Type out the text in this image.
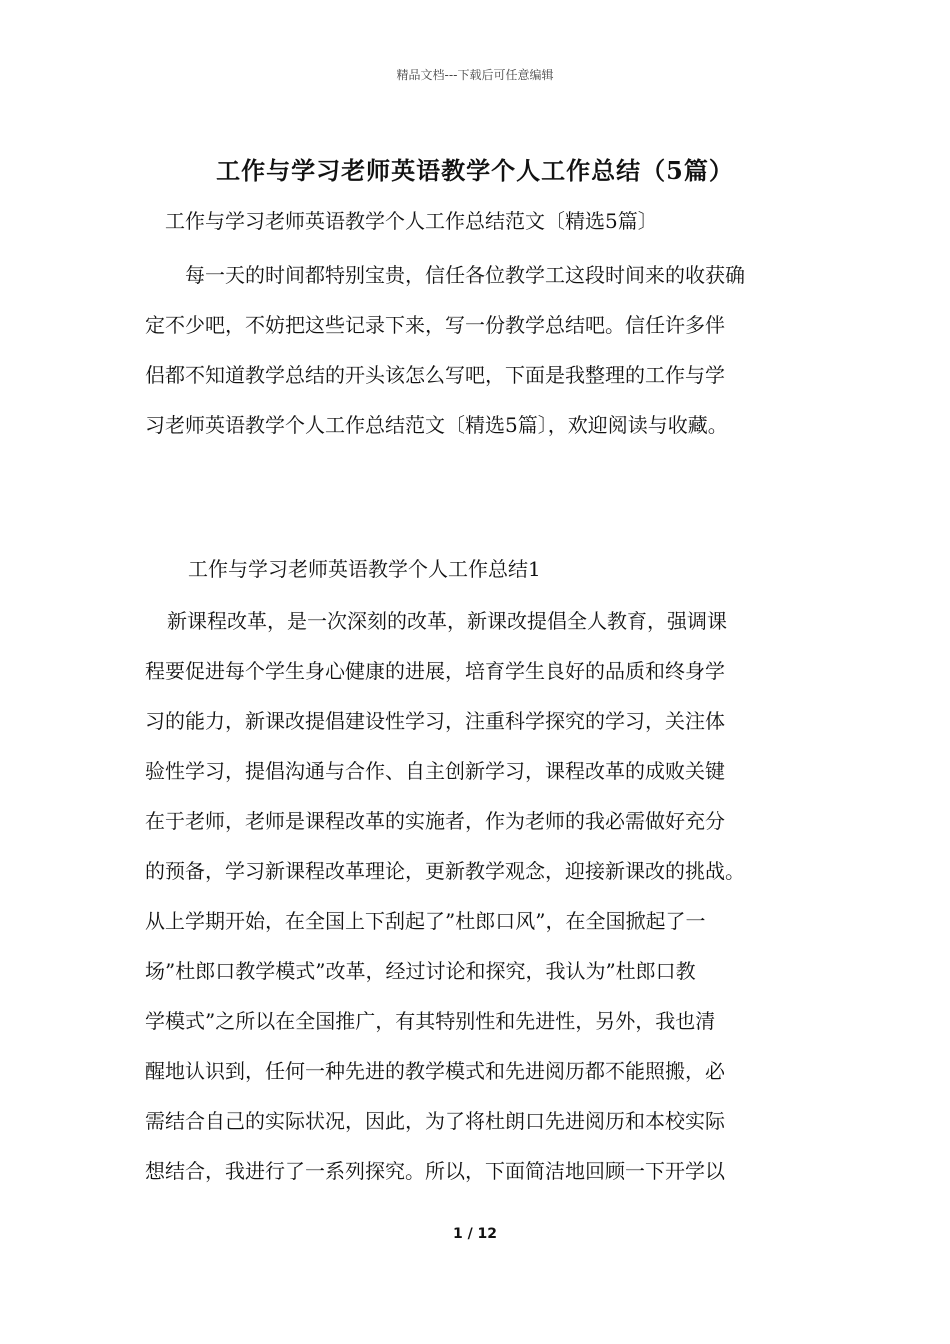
精品文档---下载后可任意编辑
工作与学习老师英语教学个人工作总结（5篇）
工作与学习老师英语教学个人工作总结范文〔精选5篇〕
　每一天的时间都特别宝贵，信任各位教学工这段时间来的收获确
定不少吧，不妨把这些记录下来，写一份教学总结吧。信任许多伴
侣都不知道教学总结的开头该怎么写吧，下面是我整理的工作与学
习老师英语教学个人工作总结范文〔精选5篇〕，欢迎阅读与收藏。
工作与学习老师英语教学个人工作总结1
新课程改革，是一次深刻的改革，新课改提倡全人教育，强调课
程要促进每个学生身心健康的进展，培育学生良好的品质和终身学
习的能力，新课改提倡建设性学习，注重科学探究的学习，关注体
验性学习，提倡沟通与合作、自主创新学习，课程改革的成败关键
在于老师，老师是课程改革的实施者，作为老师的我必需做好充分
的预备，学习新课程改革理论，更新教学观念，迎接新课改的挑战。
从上学期开始，在全国上下刮起了”杜郎口风”，在全国掀起了一
场”杜郎口教学模式”改革，经过讨论和探究，我认为”杜郎口教
学模式”之所以在全国推广，有其特别性和先进性，另外，我也清
醒地认识到，任何一种先进的教学模式和先进阅历都不能照搬，必
需结合自己的实际状况，因此，为了将杜朗口先进阅历和本校实际
想结合，我进行了一系列探究。所以，下面简洁地回顾一下开学以
1 / 12
